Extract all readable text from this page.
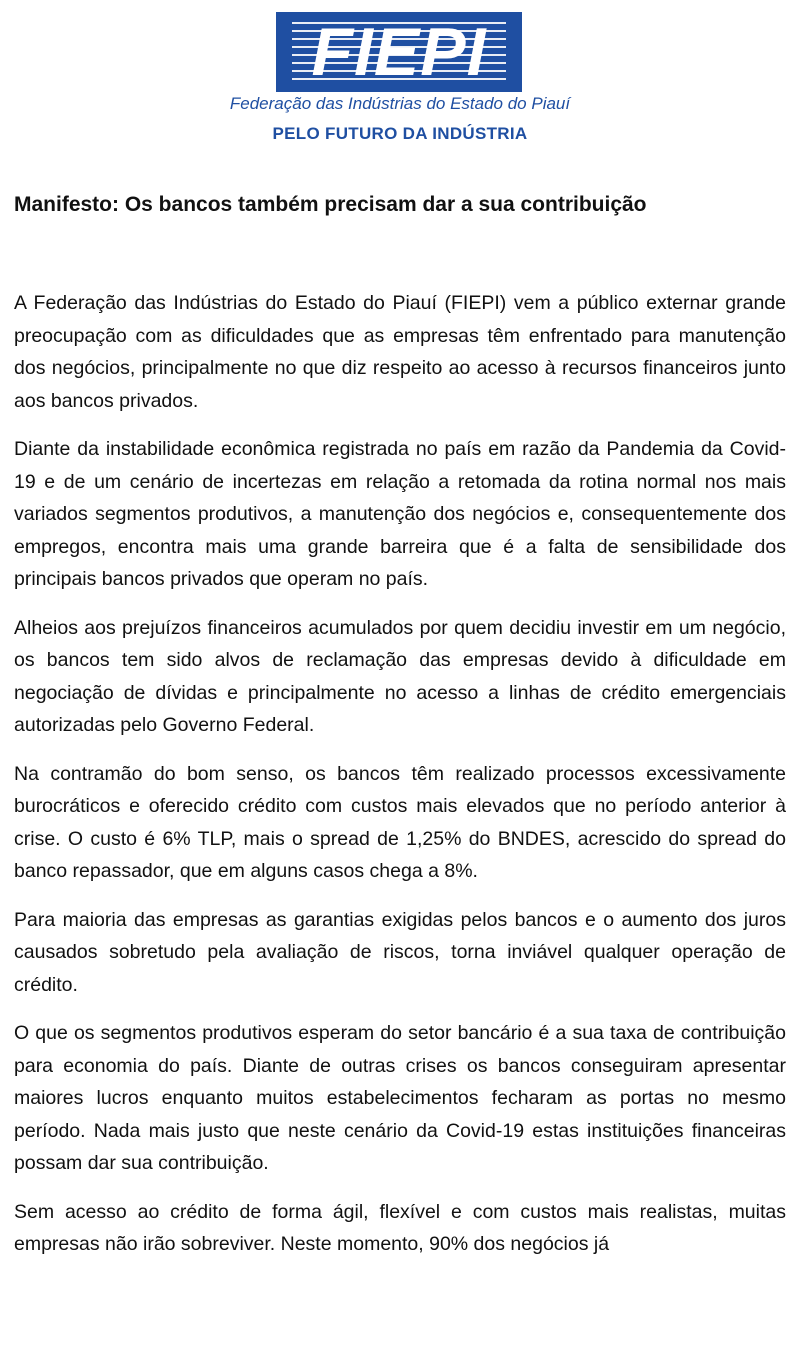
FIEPI
Federação das Indústrias do Estado do Piauí
PELO FUTURO DA INDÚSTRIA
Manifesto: Os bancos também precisam dar a sua contribuição

A Federação das Indústrias do Estado do Piauí (FIEPI) vem a público externar grande preocupação com as dificuldades que as empresas têm enfrentado para manutenção dos negócios, principalmente no que diz respeito ao acesso à recursos financeiros junto aos bancos privados.

Diante da instabilidade econômica registrada no país em razão da Pandemia da Covid-19 e de um cenário de incertezas em relação a retomada da rotina normal nos mais variados segmentos produtivos, a manutenção dos negócios e, consequentemente dos empregos, encontra mais uma grande barreira que é a falta de sensibilidade dos principais bancos privados que operam no país.

Alheios aos prejuízos financeiros acumulados por quem decidiu investir em um negócio, os bancos tem sido alvos de reclamação das empresas devido à dificuldade em negociação de dívidas e principalmente no acesso a linhas de crédito emergenciais autorizadas pelo Governo Federal.

Na contramão do bom senso, os bancos têm realizado processos excessivamente burocráticos e oferecido crédito com custos mais elevados que no período anterior à crise. O custo é 6% TLP, mais o spread de 1,25% do BNDES, acrescido do spread do banco repassador, que em alguns casos chega a 8%.

Para maioria das empresas as garantias exigidas pelos bancos e o aumento dos juros causados sobretudo pela avaliação de riscos, torna inviável qualquer operação de crédito.

O que os segmentos produtivos esperam do setor bancário é a sua taxa de contribuição para economia do país. Diante de outras crises os bancos conseguiram apresentar maiores lucros enquanto muitos estabelecimentos fecharam as portas no mesmo período. Nada mais justo que neste cenário da Covid-19 estas instituições financeiras possam dar sua contribuição.

Sem acesso ao crédito de forma ágil, flexível e com custos mais realistas, muitas empresas não irão sobreviver. Neste momento, 90% dos negócios já
